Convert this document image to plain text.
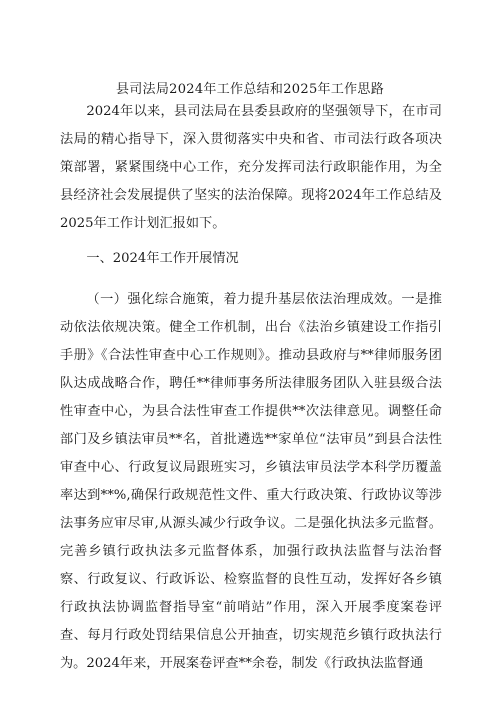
县司法局2024年工作总结和2025年工作思路

2024年以来，县司法局在县委县政府的坚强领导下，在市司法局的精心指导下，深入贯彻落实中央和省、市司法行政各项决策部署，紧紧围绕中心工作，充分发挥司法行政职能作用，为全县经济社会发展提供了坚实的法治保障。现将2024年工作总结及2025年工作计划汇报如下。

一、2024年工作开展情况

（一）强化综合施策，着力提升基层依法治理成效。一是推动依法依规决策。健全工作机制，出台《法治乡镇建设工作指引手册》《合法性审查中心工作规则》。推动县政府与**律师服务团队达成战略合作，聘任**律师事务所法律服务团队入驻县级合法性审查中心，为县合法性审查工作提供**次法律意见。调整任命部门及乡镇法审员**名，首批遴选**家单位“法审员”到县合法性审查中心、行政复议局跟班实习，乡镇法审员法学本科学历覆盖率达到**%,确保行政规范性文件、重大行政决策、行政协议等涉法事务应审尽审,从源头减少行政争议。二是强化执法多元监督。完善乡镇行政执法多元监督体系，加强行政执法监督与法治督察、行政复议、行政诉讼、检察监督的良性互动，发挥好各乡镇行政执法协调监督指导室“前哨站”作用，深入开展季度案卷评查、每月行政处罚结果信息公开抽查，切实规范乡镇行政执法行为。2024年来，开展案卷评查**余卷，制发《行政执法监督通
